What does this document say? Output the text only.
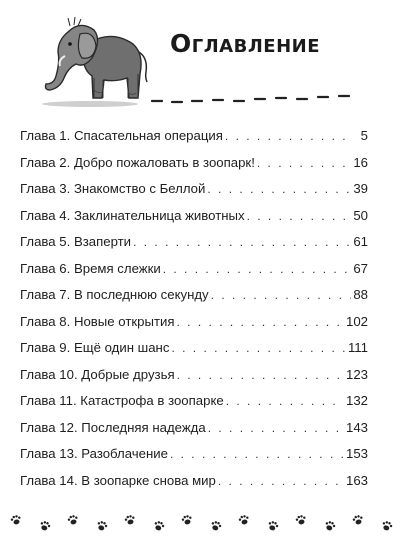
Оглавление
Глава 1. Спасательная операция . . .	5
Глава 2. Добро пожаловать в зоопарк! . . .	16
Глава 3. Знакомство с Беллой . . .	39
Глава 4. Заклинательница животных . . .	50
Глава 5. Взаперти . . .	61
Глава 6. Время слежки . . .	67
Глава 7. В последнюю секунду . . .	88
Глава 8. Новые открытия . . .	102
Глава 9. Ещё один шанс . . .	111
Глава 10. Добрые друзья . . .	123
Глава 11. Катастрофа в зоопарке . . .	132
Глава 12. Последняя надежда . . .	143
Глава 13. Разоблачение . . .	153
Глава 14. В зоопарке снова мир . . .	163
